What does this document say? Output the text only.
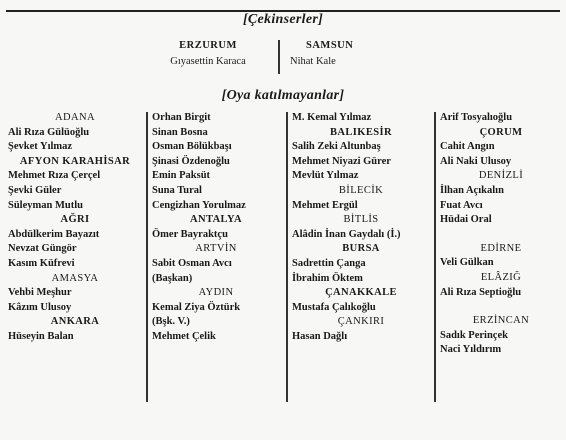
[Çekinserler]
ERZURUM
Gıyasettin Karaca
SAMSUN
Nihat Kale
[Oya katılmayanlar]
ADANA
Ali Rıza Gülüoğlu
Şevket Yılmaz
AFYON KARAHİSAR
Mehmet Rıza Çerçel
Şevki Güler
Süleyman Mutlu
AĞRI
Abdülkerim Bayazıt
Nevzat Güngör
Kasım Küfrevi
AMASYA
Vehbi Meşhur
Kâzım Ulusoy
ANKARA
Hüseyin Balan
Orhan Birgit
Sinan Bosna
Osman Bölükbaşı
Şinasi Özdenoğlu
Emin Paksüt
Suna Tural
Cengizhan Yorulmaz
ANTALYA
Ömer Bayraktçu
ARTVİN
Sabit Osman Avcı
(Başkan)
AYDIN
Kemal Ziya Öztürk
(Bşk. V.)
Mehmet Çelik
M. Kemal Yılmaz
BALIKESİR
Salih Zeki Altunbaş
Mehmet Niyazi Gürer
Mevlüt Yılmaz
BİLECİK
Mehmet Ergül
BİTLİS
Alâdin İnan Gaydalı (İ.)
BURSA
Sadrettin Çanga
İbrahim Öktem
ÇANAKKALE
Mustafa Çalıkoğlu
ÇANKIRI
Hasan Dağlı
Arif Tosyalıoğlu
ÇORUM
Cahit Angın
Ali Naki Ulusoy
DENİZLİ
İlhan Açıkalın
Fuat Avcı
Hüdai Oral
EDİRNE
Veli Gülkan
ELÂZIĞ
Ali Rıza Septioğlu
ERZİNCAN
Sadık Perinçek
Naci Yıldırım
